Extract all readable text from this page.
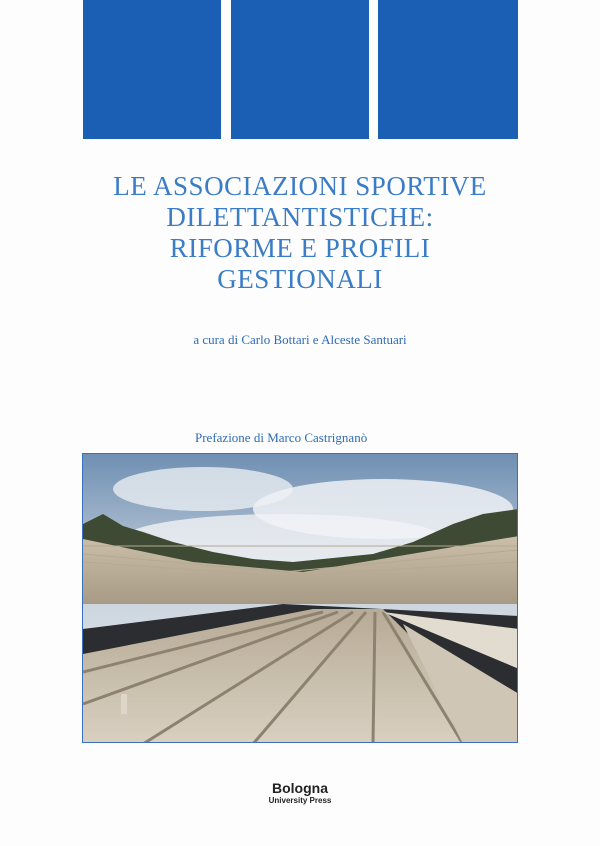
LE ASSOCIAZIONI SPORTIVE
DILETTANTISTICHE:
RIFORME E PROFILI
GESTIONALI
a cura di Carlo Bottari e Alceste Santuari
Prefazione di Marco Castrignanò
Bologna
University Press
